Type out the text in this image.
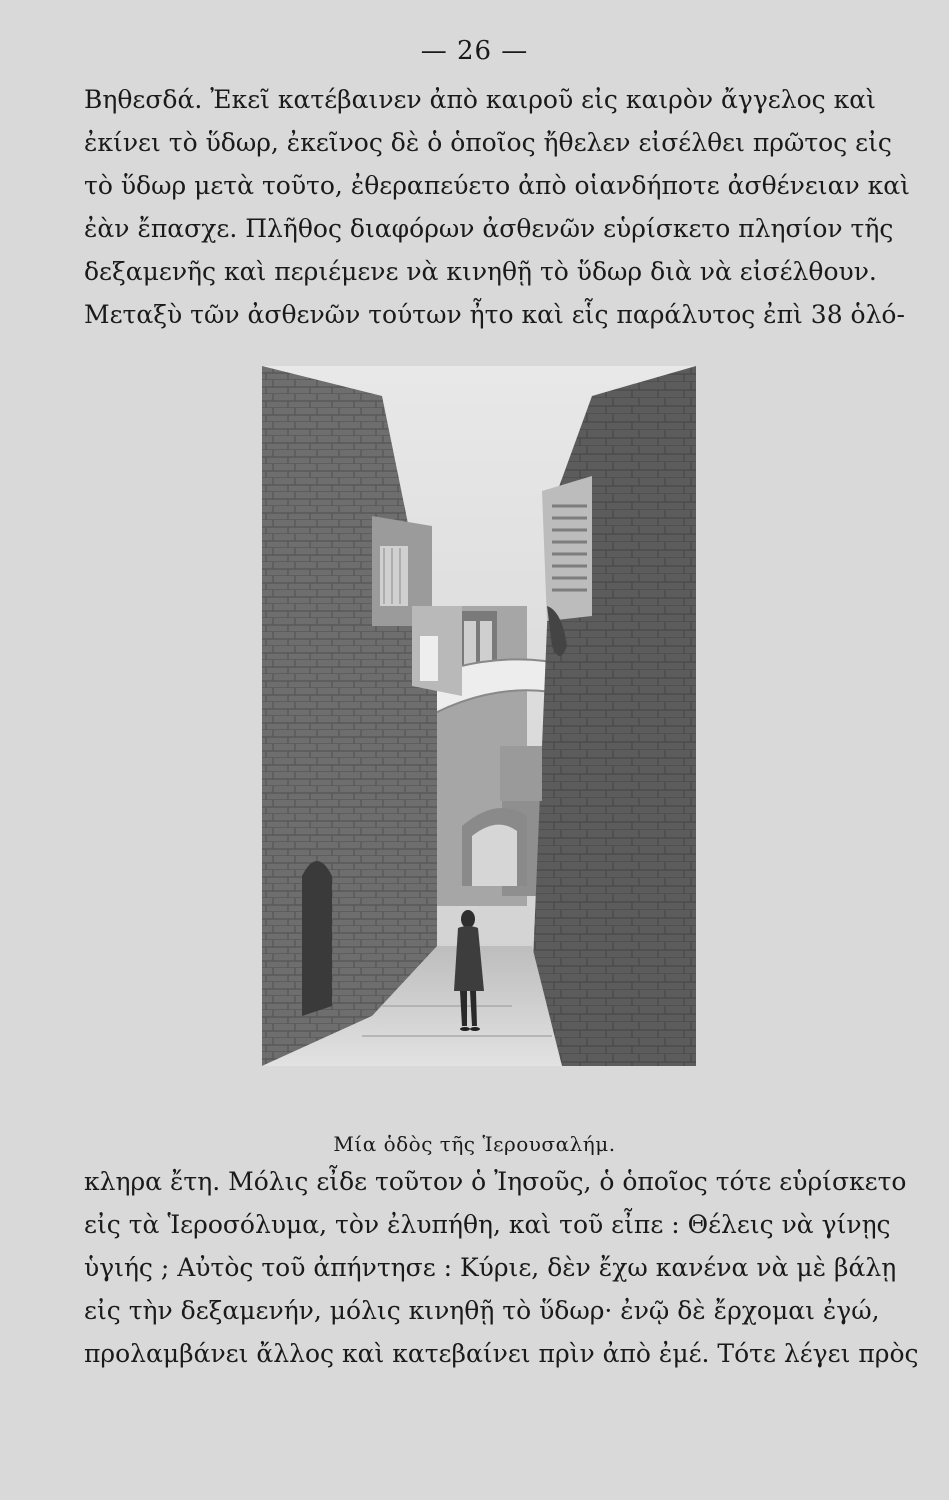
— 26 —
Βηθεσδά. Ἐκεῖ κατέβαινεν ἀπὸ καιροῦ εἰς καιρὸν ἄγγελος καὶ
ἐκίνει τὸ ὕδωρ, ἐκεῖνος δὲ ὁ ὁποῖος ἤθελεν εἰσέλθει πρῶτος εἰς
τὸ ὕδωρ μετὰ τοῦτο, ἐθεραπεύετο ἀπὸ οἱανδήποτε ἀσθένειαν καὶ
ἐὰν ἔπασχε. Πλῆθος διαφόρων ἀσθενῶν εὑρίσκετο πλησίον τῆς
δεξαμενῆς καὶ περιέμενε νὰ κινηθῇ τὸ ὕδωρ διὰ νὰ εἰσέλθουν.
Μεταξὺ τῶν ἀσθενῶν τούτων ἦτο καὶ εἷς παράλυτος ἐπὶ 38 ὁλό-
Μία ὁδὸς τῆς Ἱερουσαλήμ.
κληρα ἔτη. Μόλις εἶδε τοῦτον ὁ Ἰησοῦς, ὁ ὁποῖος τότε εὑρίσκετο
εἰς τὰ Ἱεροσόλυμα, τὸν ἐλυπήθη, καὶ τοῦ εἶπε : Θέλεις νὰ γίνῃς
ὑγιής ; Αὐτὸς τοῦ ἀπήντησε : Κύριε, δὲν ἔχω κανένα νὰ μὲ βάλῃ
εἰς τὴν δεξαμενήν, μόλις κινηθῇ τὸ ὕδωρ· ἐνῷ δὲ ἔρχομαι ἐγώ,
προλαμβάνει ἄλλος καὶ κατεβαίνει πρὶν ἀπὸ ἐμέ. Τότε λέγει πρὸς
